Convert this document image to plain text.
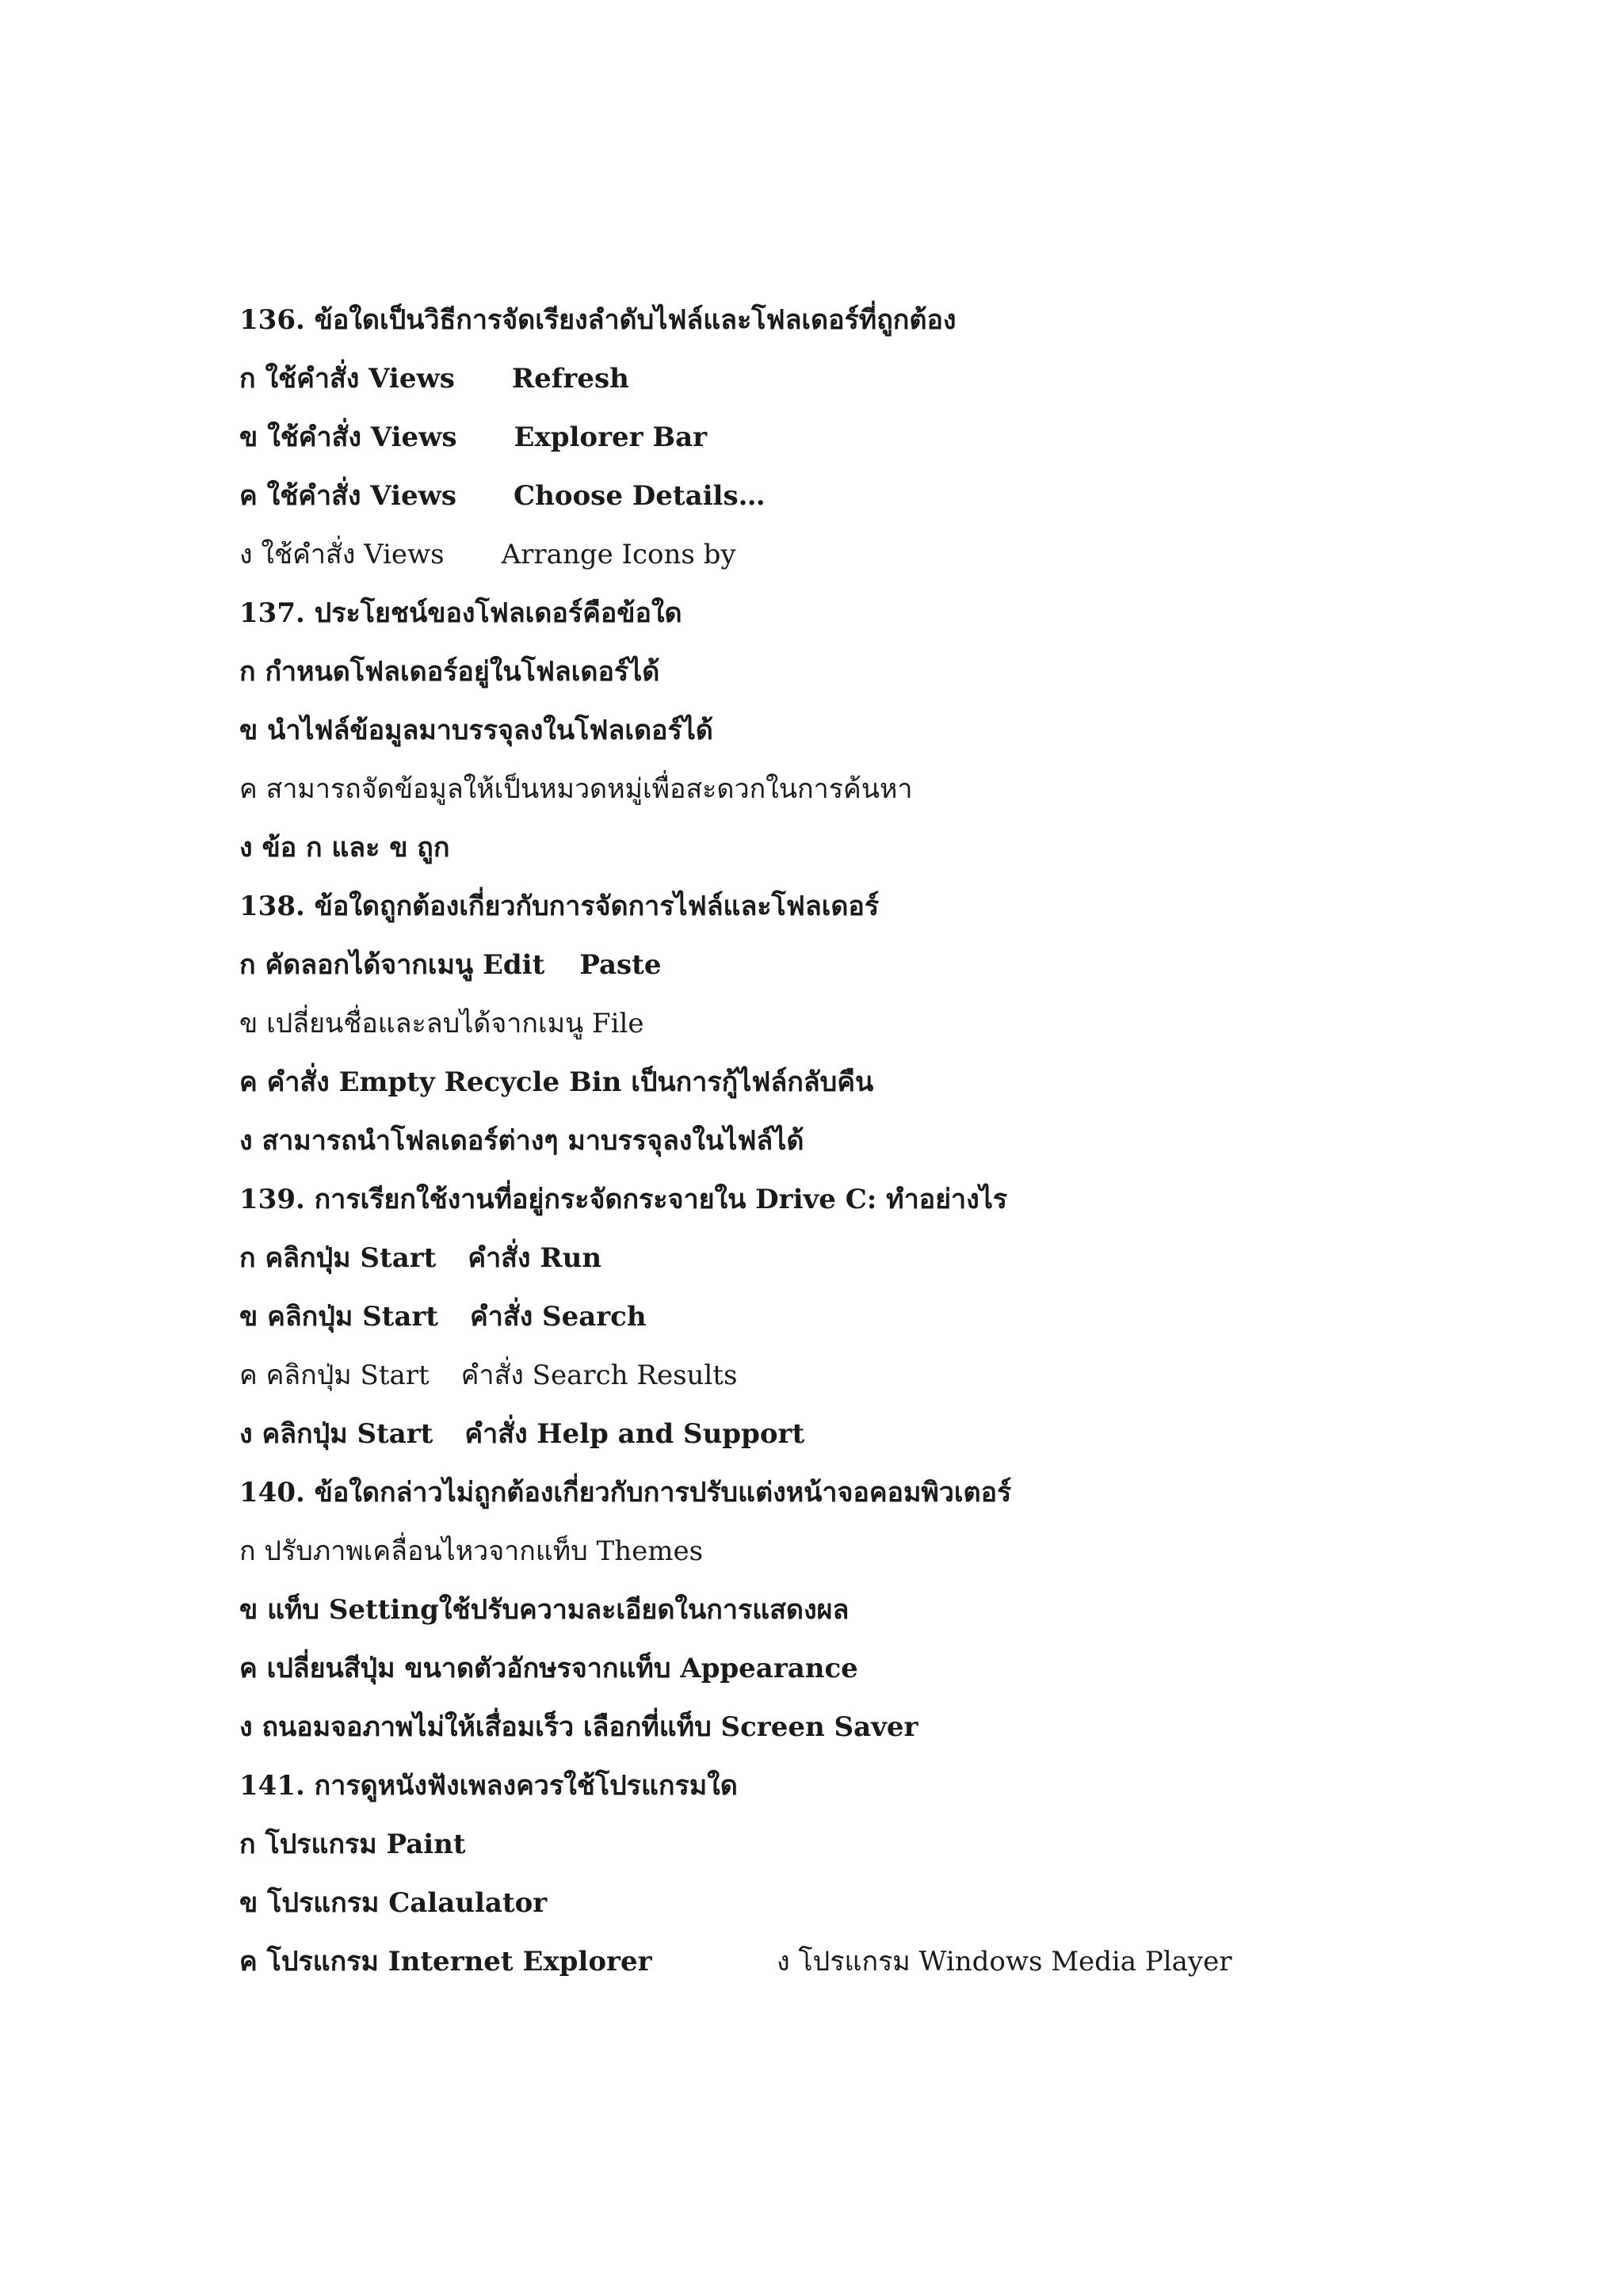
136. ข้อใดเป็นวิธีการจัดเรียงลำดับไฟล์และโฟลเดอร์ที่ถูกต้อง
ก ใช้คำสั่ง Views Refresh
ข ใช้คำสั่ง Views Explorer Bar
ค ใช้คำสั่ง Views Choose Details…
ง ใช้คำสั่ง Views Arrange Icons by
137. ประโยชน์ของโฟลเดอร์คือข้อใด
ก กำหนดโฟลเดอร์อยู่ในโฟลเดอร์ได้
ข นำไฟล์ข้อมูลมาบรรจุลงในโฟลเดอร์ได้
ค สามารถจัดข้อมูลให้เป็นหมวดหมู่เพื่อสะดวกในการค้นหา
ง ข้อ ก และ ข ถูก
138. ข้อใดถูกต้องเกี่ยวกับการจัดการไฟล์และโฟลเดอร์
ก คัดลอกได้จากเมนู Edit Paste
ข เปลี่ยนชื่อและลบได้จากเมนู File
ค คำสั่ง Empty Recycle Bin เป็นการกู้ไฟล์กลับคืน
ง สามารถนำโฟลเดอร์ต่างๆ มาบรรจุลงในไฟล์ได้
139. การเรียกใช้งานที่อยู่กระจัดกระจายใน Drive C: ทำอย่างไร
ก คลิกปุ่ม Start คำสั่ง Run
ข คลิกปุ่ม Start คำสั่ง Search
ค คลิกปุ่ม Start คำสั่ง Search Results
ง คลิกปุ่ม Start คำสั่ง Help and Support
140. ข้อใดกล่าวไม่ถูกต้องเกี่ยวกับการปรับแต่งหน้าจอคอมพิวเตอร์
ก ปรับภาพเคลื่อนไหวจากแท็บ Themes
ข แท็บ Settingใช้ปรับความละเอียดในการแสดงผล
ค เปลี่ยนสีปุ่ม ขนาดตัวอักษรจากแท็บ Appearance
ง ถนอมจอภาพไม่ให้เสื่อมเร็ว เลือกที่แท็บ Screen Saver
141. การดูหนังฟังเพลงควรใช้โปรแกรมใด
ก โปรแกรม Paint
ข โปรแกรม Calaulator
ค โปรแกรม Internet Explorer	ง โปรแกรม Windows Media Player
